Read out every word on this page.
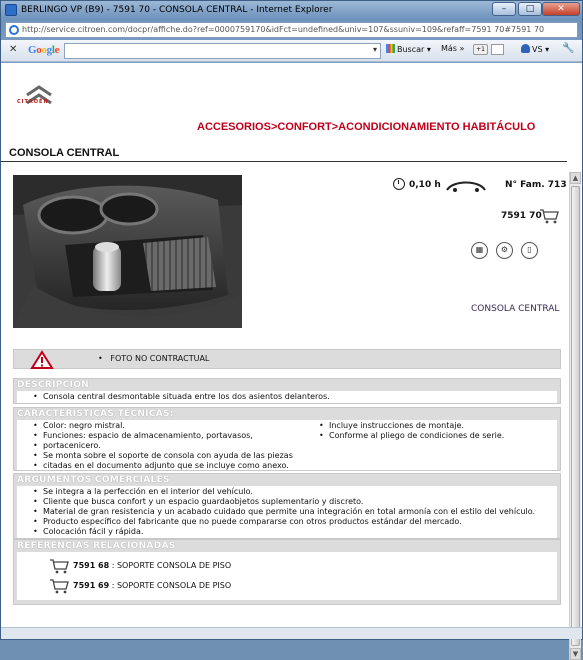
BERLINGO VP (B9) - 7591 70 - CONSOLA CENTRAL - Internet Explorer	–	□	✕
http://service.citroen.com/docpr/affiche.do?ref=0000759170&idFct=undefined&univ=107&ssuniv=109&refaff=7591 70#7591 70
✕ Google	▾	Buscar ▾ Más »	+1	VS ▾ 🔧
CITROËN
ACCESORIOS>CONFORT>ACONDICIONAMIENTO HABITÁCULO
CONSOLA CENTRAL
0,10 h	N° Fam. 713
7591 70
▦ ⚙ ▯
CONSOLA CENTRAL
•   FOTO NO CONTRACTUAL
DESCRIPCIÓN
• Consola central desmontable situada entre los dos asientos delanteros.
CARACTERÍSTICAS TÉCNICAS:
• Color: negro mistral.
• Funciones: espacio de almacenamiento, portavasos,
• portacenicero.
• Se monta sobre el soporte de consola con ayuda de las piezas
• citadas en el documento adjunto que se incluye como anexo.
• Incluye instrucciones de montaje.
• Conforme al pliego de condiciones de serie.
ARGUMENTOS COMERCIALES
• Se integra a la perfección en el interior del vehículo.
• Cliente que busca confort y un espacio guardaobjetos suplementario y discreto.
• Material de gran resistencia y un acabado cuidado que permite una integración en total armonía con el estilo del vehículo.
• Producto específico del fabricante que no puede compararse con otros productos estándar del mercado.
• Colocación fácil y rápida.
REFERENCIAS RELACIONADAS
7591 68 : SOPORTE CONSOLA DE PISO
7591 69 : SOPORTE CONSOLA DE PISO
▲
▼
